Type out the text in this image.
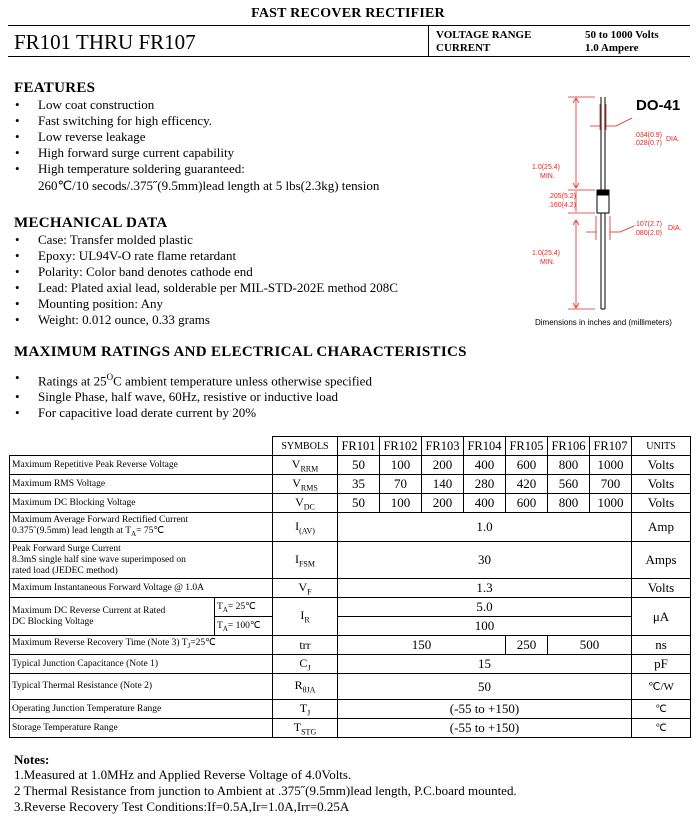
FAST RECOVER RECTIFIER
FR101 THRU FR107	VOLTAGE RANGE	50 to 1000 Volts
CURRENT	1.0 Ampere
FEATURES
• Low coat construction
• Fast switching for high efficency.
• Low reverse leakage
• High forward surge current capability
• High temperature soldering guaranteed:
260℃/10 secods/.375˝(9.5mm)lead length at 5 lbs(2.3kg) tension
MECHANICAL DATA
• Case: Transfer molded plastic
• Epoxy: UL94V-O rate flame retardant
• Polarity: Color band denotes cathode end
• Lead: Plated axial lead, solderable per MIL-STD-202E method 208C
• Mounting position: Any
• Weight: 0.012 ounce, 0.33 grams
DO-41
.034(0.9)
.028(0.7)
DIA.
1.0(25.4)
MIN.
.205(5.2)
.160(4.2)
.107(2.7)
.080(2.0)
DIA.
1.0(25.4)
MIN.
Dimensions in inches and (millimeters)
MAXIMUM RATINGS AND ELECTRICAL CHARACTERISTICS
• Ratings at $25^OC$ ambient temperature unless otherwise specified
• Single Phase, half wave, 60Hz, resistive or inductive load
• For capacitive load derate current by 20%
		SYMBOLS	FR101	FR102	FR103	FR104	FR105	FR106	FR107	UNITS
Maximum Repetitive Peak Reverse Voltage		$V_{RRM}$	50	100	200	400	600	800	1000	Volts
Maximum RMS Voltage		$V_{RMS}$	35	70	140	280	420	560	700	Volts
Maximum DC Blocking Voltage		$V_{DC}$	50	100	200	400	600	800	1000	Volts

Maximum Average Forward Rectified Current
0.375˝(9.5mm) lead length at $T_A=$ 75℃		$I_{(AV)}$	1.0							Amp

Peak Forward Surge Current
8.3mS single half sine wave superimposed on
rated load (JEDEC method)		$I_{FSM}$	30							Amps
Maximum Instantaneous Forward Voltage @ 1.0A		$V_F$	1.3							Volts

Maximum DC Reverse Current at Rated
DC Blocking Voltage	$T_A=$ 25℃	$I_R$	5.0							μA
	$T_A=$ 100℃		100							
Maximum Reverse Recovery Time (Note 3) $T_J=25℃$		trr	150				250	500		ns
Typical Junction Capacitance (Note 1)		$C_J$	15							pF
Typical Thermal Resistance (Note 2)		$R_{\theta JA}$	50							℃/W
Operating Junction Temperature Range		$T_J$	(-55 to +150)							℃
Storage Temperature Range		$T_{STG}$	(-55 to +150)							℃
Notes:
1.Measured at 1.0MHz and Applied Reverse Voltage of 4.0Volts.
2 Thermal Resistance from junction to Ambient at .375˝(9.5mm)lead length, P.C.board mounted.
3.Reverse Recovery Test Conditions:If=0.5A,Ir=1.0A,Irr=0.25A
